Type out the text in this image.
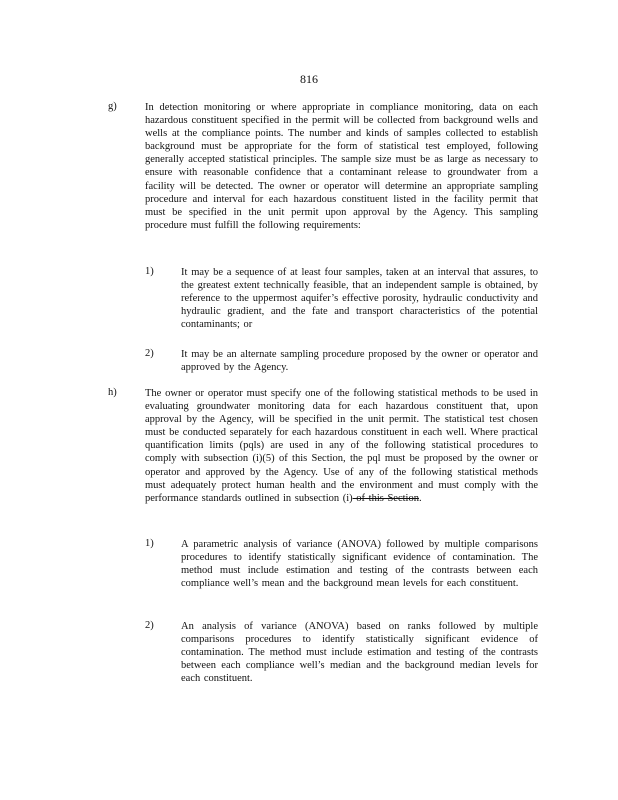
816
g)	In detection monitoring or where appropriate in compliance monitoring, data on each hazardous constituent specified in the permit will be collected from background wells and wells at the compliance points. The number and kinds of samples collected to establish background must be appropriate for the form of statistical test employed, following generally accepted statistical principles. The sample size must be as large as necessary to ensure with reasonable confidence that a contaminant release to groundwater from a facility will be detected. The owner or operator will determine an appropriate sampling procedure and interval for each hazardous constituent listed in the facility permit that must be specified in the unit permit upon approval by the Agency. This sampling procedure must fulfill the following requirements:
1)	It may be a sequence of at least four samples, taken at an interval that assures, to the greatest extent technically feasible, that an independent sample is obtained, by reference to the uppermost aquifer’s effective porosity, hydraulic conductivity and hydraulic gradient, and the fate and transport characteristics of the potential contaminants; or
2)	It may be an alternate sampling procedure proposed by the owner or operator and approved by the Agency.
h)	The owner or operator must specify one of the following statistical methods to be used in evaluating groundwater monitoring data for each hazardous constituent that, upon approval by the Agency, will be specified in the unit permit. The statistical test chosen must be conducted separately for each hazardous constituent in each well. Where practical quantification limits (pqls) are used in any of the following statistical procedures to comply with subsection (i)(5) of this Section, the pql must be proposed by the owner or operator and approved by the Agency. Use of any of the following statistical methods must adequately protect human health and the environment and must comply with the performance standards outlined in subsection (i) of this Section.
1)	A parametric analysis of variance (ANOVA) followed by multiple comparisons procedures to identify statistically significant evidence of contamination. The method must include estimation and testing of the contrasts between each compliance well’s mean and the background mean levels for each constituent.
2)	An analysis of variance (ANOVA) based on ranks followed by multiple comparisons procedures to identify statistically significant evidence of contamination. The method must include estimation and testing of the contrasts between each compliance well’s median and the background median levels for each constituent.
